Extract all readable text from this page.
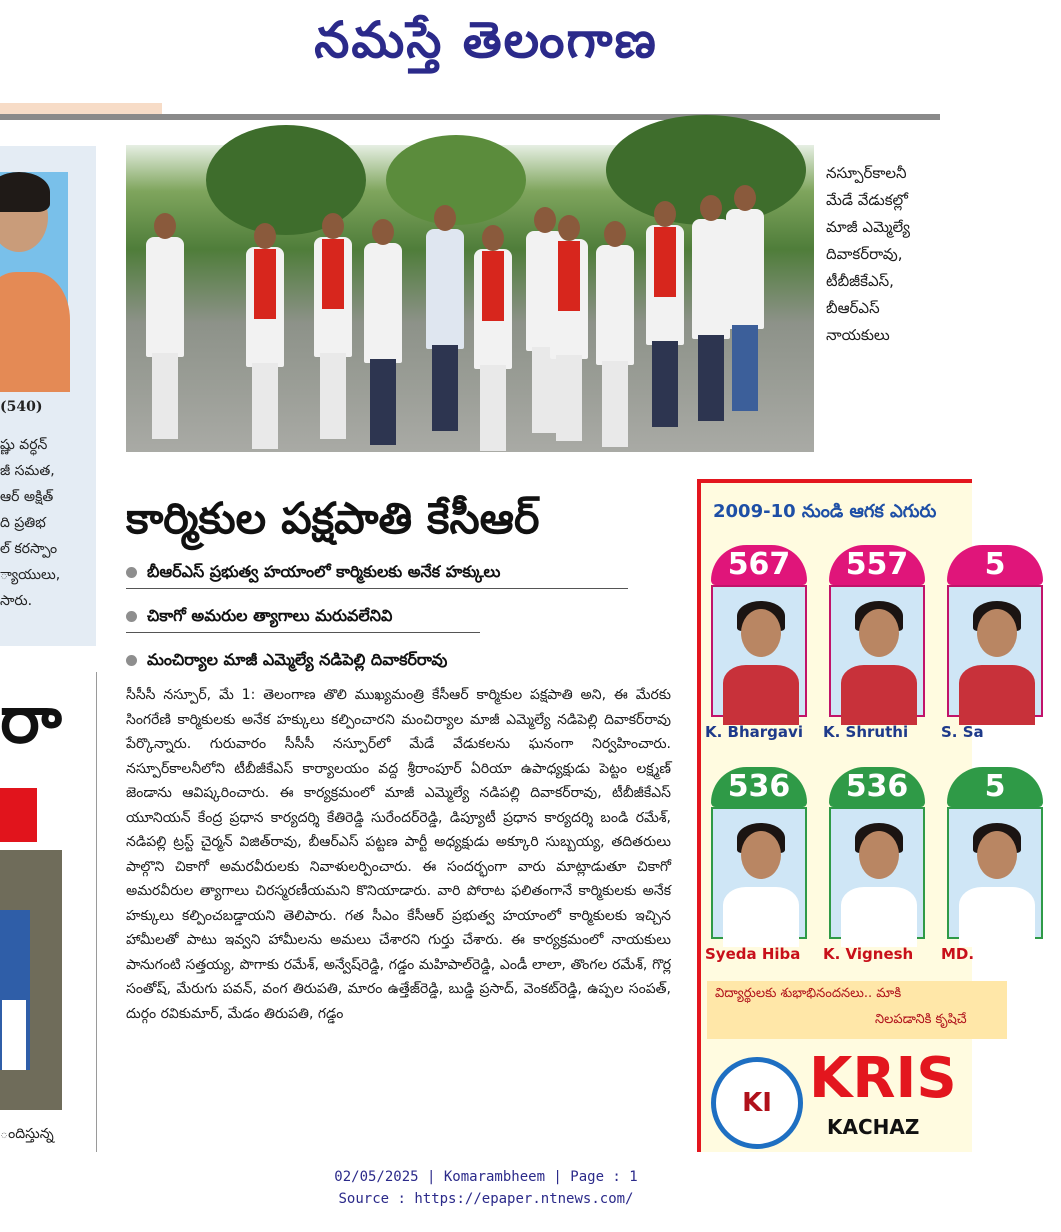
నమస్తే తెలంగాణ
(540)
ష్ణు వర్ధన్
జీ సమత,
ఆర్ అక్షిత్
ది ప్రతిభ
ల్ కరస్పాం
్యాయులు,
సారు.
రా
ందిస్తున్న
నస్పూర్‌కాలనీ
మేడే వేడుకల్లో
మాజీ ఎమ్మెల్యే
దివాకర్‌రావు,
టీబీజీకేఎస్,
బీఆర్ఎస్
నాయకులు
కార్మికుల పక్షపాతి కేసీఆర్
బీఆర్ఎస్ ప్రభుత్వ హయాంలో కార్మికులకు అనేక హక్కులు
చికాగో అమరుల త్యాగాలు మరువలేనివి
మంచిర్యాల మాజీ ఎమ్మెల్యే నడిపెల్లి దివాకర్‌రావు
సీసీసీ నస్పూర్, మే 1: తెలంగాణ తొలి ముఖ్యమంత్రి కేసీఆర్ కార్మికుల పక్షపాతి అని, ఈ మేరకు సింగరేణి కార్మికులకు అనేక హక్కులు కల్పించారని మంచిర్యాల మాజీ ఎమ్మెల్యే నడిపెల్లి దివాకర్‌రావు పేర్కొన్నారు. గురువారం సీసీసీ నస్పూర్‌లో మేడే వేడుకలను ఘనంగా నిర్వహించారు. నస్పూర్‌కాలనీలోని టీబీజీకేఎస్ కార్యాలయం వద్ద శ్రీరాంపూర్ ఏరియా ఉపాధ్యక్షుడు పెట్టం లక్ష్మణ్ జెండాను ఆవిష్కరించారు. ఈ కార్యక్రమంలో మాజీ ఎమ్మెల్యే నడిపల్లి దివాకర్‌రావు, టీబీజీకేఎస్ యూనియన్ కేంద్ర ప్రధాన కార్యదర్శి కేతిరెడ్డి సురేందర్‌రెడ్డి, డిప్యూటీ ప్రధాన కార్యదర్శి బండి రమేశ్, నడిపల్లి ట్రస్ట్ చైర్మన్ విజిత్‌రావు, బీఆర్ఎస్ పట్టణ పార్టీ అధ్యక్షుడు అక్కూరి సుబ్బయ్య, తదితరులు పాల్గొని చికాగో అమరవీరులకు నివాళులర్పించారు. ఈ సందర్భంగా వారు మాట్లాడుతూ చికాగో అమరవీరుల త్యాగాలు చిరస్మరణీయమని కొనియాడారు. వారి పోరాట ఫలితంగానే కార్మికులకు అనేక హక్కులు కల్పించబడ్డాయని తెలిపారు. గత సీఎం కేసీఆర్ ప్రభుత్వ హయాంలో కార్మికులకు ఇచ్చిన హామీలతో పాటు ఇవ్వని హామీలను అమలు చేశారని గుర్తు చేశారు. ఈ కార్యక్రమంలో నాయకులు పానుగంటి సత్తయ్య, పొగాకు రమేశ్, అన్వేష్‌రెడ్డి, గడ్డం మహిపాల్‌రెడ్డి, ఎండీ లాలా, తొంగల రమేశ్, గొర్ల సంతోష్, మేరుగు పవన్, వంగ తిరుపతి, మారం ఉత్తేజ్‌రెడ్డి, బుడ్డి ప్రసాద్, వెంకట్‌రెడ్డి, ఉప్పల సంపత్, దుర్గం రవికుమార్, మేడం తిరుపతి, గడ్డం
2009-10 నుండి ఆగక ఎగురు
567
K. Bhargavi
557
K. Shruthi
5
S. Sa
536
Syeda Hiba
536
K. Vignesh
5
MD.
విద్యార్థులకు శుభాభినందనలు.. మాకి
నిలపడానికి కృషిచే
KI KRIS
KACHAZ
02/05/2025 | Komarambheem | Page : 1
Source : https://epaper.ntnews.com/
